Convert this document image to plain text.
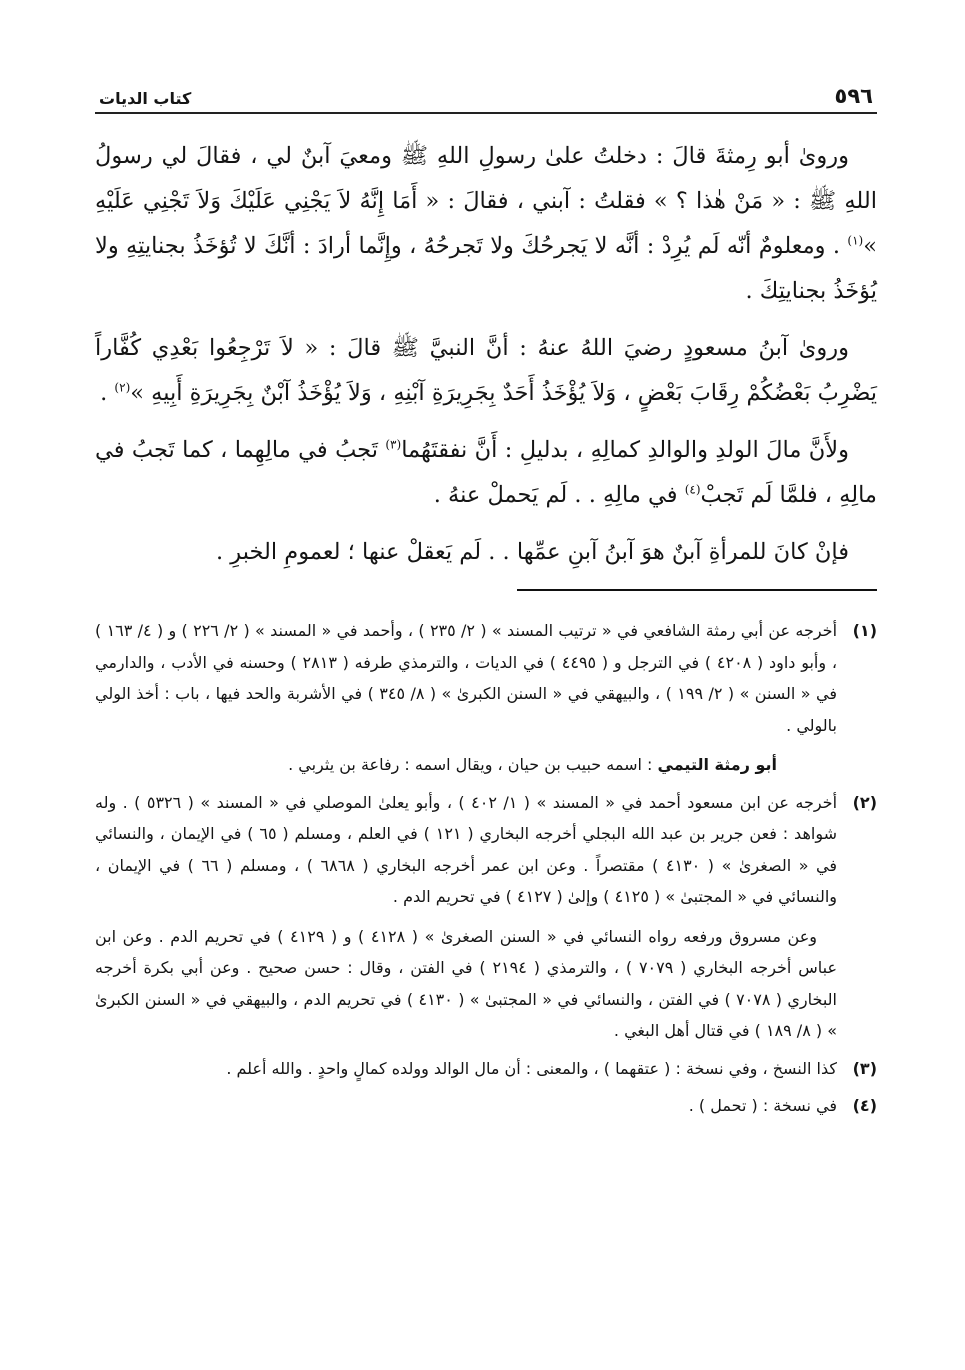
٥٩٦
كتاب الديات

ورویٰ أبو رِمثةَ قالَ : دخلتُ علیٰ رسولِ اللهِ ﷺ ومعيَ آبنٌ لي ، فقالَ لي رسولُ اللهِ ﷺ : « مَنْ هٰذا ؟ » فقلتُ : آبني ، فقالَ : « أَمَا إِنَّهُ لاَ يَجْنِي عَلَيْكَ وَلاَ تَجْنِي عَلَيْهِ »$^{(١)}$ . ومعلومٌ أنّه لَم يُرِدْ : أنَّه لا يَجرحُكَ ولا تَجرحُهُ ، وإِنَّما أرادَ : أنَّكَ لا تُؤخَذُ بجنايتِهِ ولا يُؤخَذُ بجنايتِكَ .

وروىٰ آبنُ مسعودٍ رضيَ اللهُ عنهُ : أنَّ النبيَّ ﷺ قالَ : « لاَ تَرْجِعُوا بَعْدِي كُفَّاراً يَضْرِبُ بَعْضُكُمْ رِقَابَ بَعْضٍ ، وَلاَ يُؤْخَذُ أَحَدٌ بِجَرِيرَةِ آبْنِهِ ، وَلاَ يُؤْخَذُ آبْنٌ بِجَرِيرَةِ أَبِيهِ »$^{(٢)}$ .

ولأَنَّ مالَ الولدِ والوالدِ كمالِهِ ، بدليلِ : أَنَّ نفقتَهُما$^{(٣)}$ تَجبُ في مالِهِما ، كما تَجبُ في مالِهِ ، فلمَّا لَم تَجبْ$^{(٤)}$ في مالِهِ . . لَم يَحملْ عنهُ .

فإنْ كانَ للمرأةِ آبنٌ هوَ آبنُ آبنِ عمِّها . . لَم يَعقلْ عنها ؛ لعمومِ الخبرِ .

(١)

أخرجه عن أبي رمثة الشافعي في « ترتيب المسند » ( ٢/ ٢٣٥ ) ، وأحمد في « المسند » ( ٢/ ٢٢٦ ) و ( ٤/ ١٦٣ ) ، وأبو داود ( ٤٢٠٨ ) في الترجل و ( ٤٤٩٥ ) في الديات ، والترمذي طرفه ( ٢٨١٣ ) وحسنه في الأدب ، والدارمي في « السنن » ( ٢/ ١٩٩ ) ، والبيهقي في « السنن الكبرىٰ » ( ٨/ ٣٤٥ ) في الأشربة والحد فيها ، باب : أخذ الولي بالولي .

أبو رمثة التيمي : اسمه حبيب بن حيان ، ويقال اسمه : رفاعة بن يثربي .

(٢)

أخرجه عن ابن مسعود أحمد في « المسند » ( ١/ ٤٠٢ ) ، وأبو يعلىٰ الموصلي في « المسند » ( ٥٣٢٦ ) . وله شواهد : فعن جرير بن عبد الله البجلي أخرجه البخاري ( ١٢١ ) في العلم ، ومسلم ( ٦٥ ) في الإيمان ، والنسائي في « الصغرىٰ » ( ٤١٣٠ ) مقتصراً . وعن ابن عمر أخرجه البخاري ( ٦٨٦٨ ) ، ومسلم ( ٦٦ ) في الإيمان ، والنسائي في « المجتبىٰ » ( ٤١٢٥ ) وإلىٰ ( ٤١٢٧ ) في تحريم الدم .

وعن مسروق ورفعه رواه النسائي في « السنن الصغرىٰ » ( ٤١٢٨ ) و ( ٤١٢٩ ) في تحريم الدم . وعن ابن عباس أخرجه البخاري ( ٧٠٧٩ ) ، والترمذي ( ٢١٩٤ ) في الفتن ، وقال : حسن صحيح . وعن أبي بكرة أخرجه البخاري ( ٧٠٧٨ ) في الفتن ، والنسائي في « المجتبىٰ » ( ٤١٣٠ ) في تحريم الدم ، والبيهقي في « السنن الكبرىٰ » ( ٨/ ١٨٩ ) في قتال أهل البغي .

(٣)

كذا النسخ ، وفي نسخة : ( عتقهما ) ، والمعنى : أن مال الوالد وولده كمالٍ واحدٍ . والله أعلم .

(٤)

في نسخة : ( تحمل ) .
